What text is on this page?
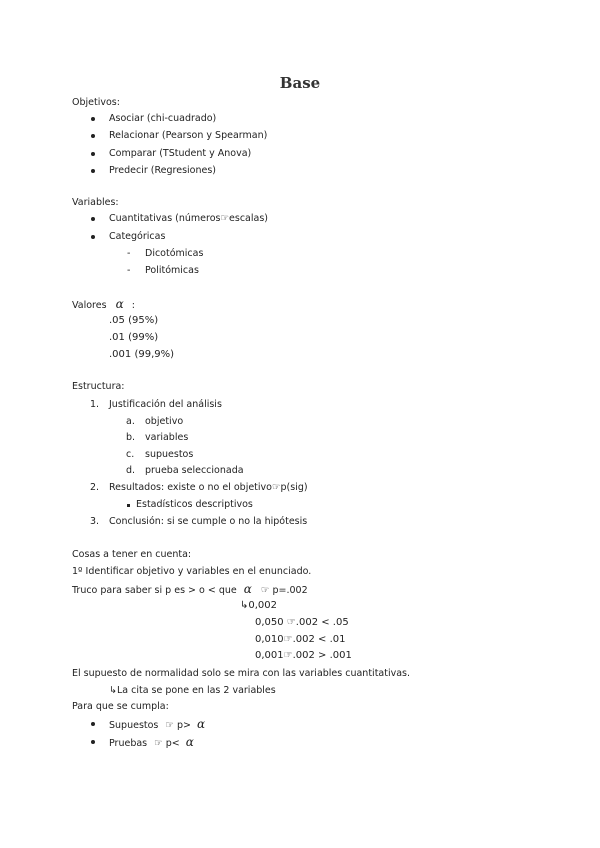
Base
Objetivos:
Asociar (chi-cuadrado)
Relacionar (Pearson y Spearman)
Comparar (TStudent y Anova)
Predecir (Regresiones)
Variables:
Cuantitativas (números☞escalas)
Categóricas
- Dicotómicas
- Politómicas
Valores α :
.05 (95%)
.01 (99%)
.001 (99,9%)
Estructura:
1. Justificación del análisis
a. objetivo
b. variables
c. supuestos
d. prueba seleccionada
2. Resultados: existe o no el objetivo☞p(sig)
Estadísticos descriptivos
3. Conclusión: si se cumple o no la hipótesis
Cosas a tener en cuenta:
1º Identificar objetivo y variables en el enunciado.
Truco para saber si p es > o < que α ☞ p=.002
↳0,002
0,050 ☞.002 < .05
0,010☞.002 < .01
0,001☞.002 > .001
El supuesto de normalidad solo se mira con las variables cuantitativas.
↳La cita se pone en las 2 variables
Para que se cumpla:
Supuestos ☞ p> α
Pruebas ☞ p< α
